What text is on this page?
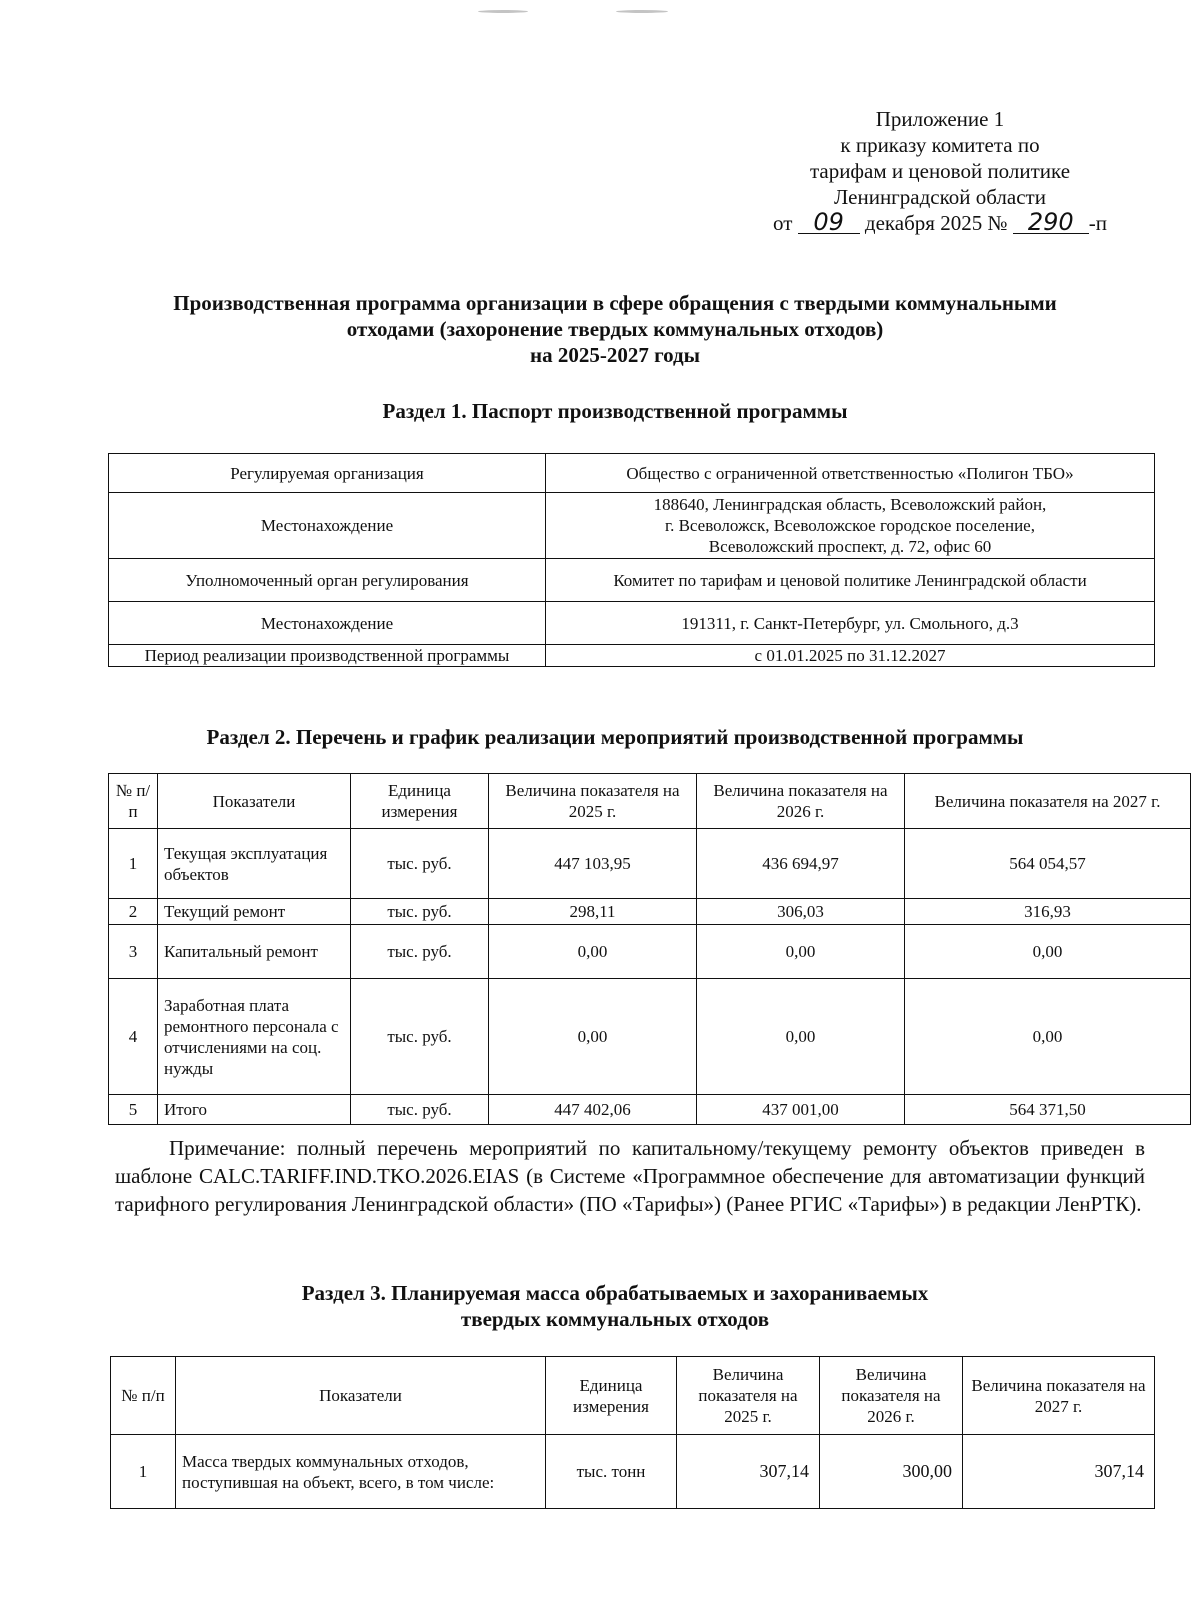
Приложение 1
к приказу комитета по
тарифам и ценовой политике
Ленинградской области
от 09 декабря 2025 № 290 -п
Производственная программа организации в сфере обращения с твердыми коммунальными
отходами (захоронение твердых коммунальных отходов)
на 2025-2027 годы
Раздел 1. Паспорт производственной программы
Регулируемая организация	Общество с ограниченной ответственностью «Полигон ТБО»
Местонахождение	188640, Ленинградская область, Всеволожский район,
г. Всеволожск, Всеволожское городское поселение,
Всеволожский проспект, д. 72, офис 60

Уполномоченный орган регулирования	Комитет по тарифам и ценовой политике Ленинградской области
Местонахождение	191311, г. Санкт-Петербург, ул. Смольного, д.3
Период реализации производственной программы	с 01.01.2025 по 31.12.2027
Раздел 2. Перечень и график реализации мероприятий производственной программы
№ п/п	Показатели	Единица измерения	Величина показателя на 2025 г.	Величина показателя на 2026 г.	Величина показателя на 2027 г.
1	Текущая эксплуатация объектов	тыс. руб.	447 103,95	436 694,97	564 054,57
2	Текущий ремонт	тыс. руб.	298,11	306,03	316,93
3	Капитальный ремонт	тыс. руб.	0,00	0,00	0,00
4	Заработная плата ремонтного персонала с отчислениями на соц. нужды	тыс. руб.	0,00	0,00	0,00
5	Итого	тыс. руб.	447 402,06	437 001,00	564 371,50
Примечание: полный перечень мероприятий по капитальному/текущему ремонту объектов приведен в шаблоне CALC.TARIFF.IND.TKO.2026.EIAS (в Системе «Программное обеспечение для автоматизации функций тарифного регулирования Ленинградской области» (ПО «Тарифы») (Ранее РГИС «Тарифы») в редакции ЛенРТК).
Раздел 3. Планируемая масса обрабатываемых и захораниваемых
твердых коммунальных отходов
№ п/п	Показатели	Единица измерения	Величина показателя на 2025 г.	Величина показателя на 2026 г.	Величина показателя на 2027 г.
1	Масса твердых коммунальных отходов, поступившая на объект, всего, в том числе:	тыс. тонн	307,14	300,00	307,14
